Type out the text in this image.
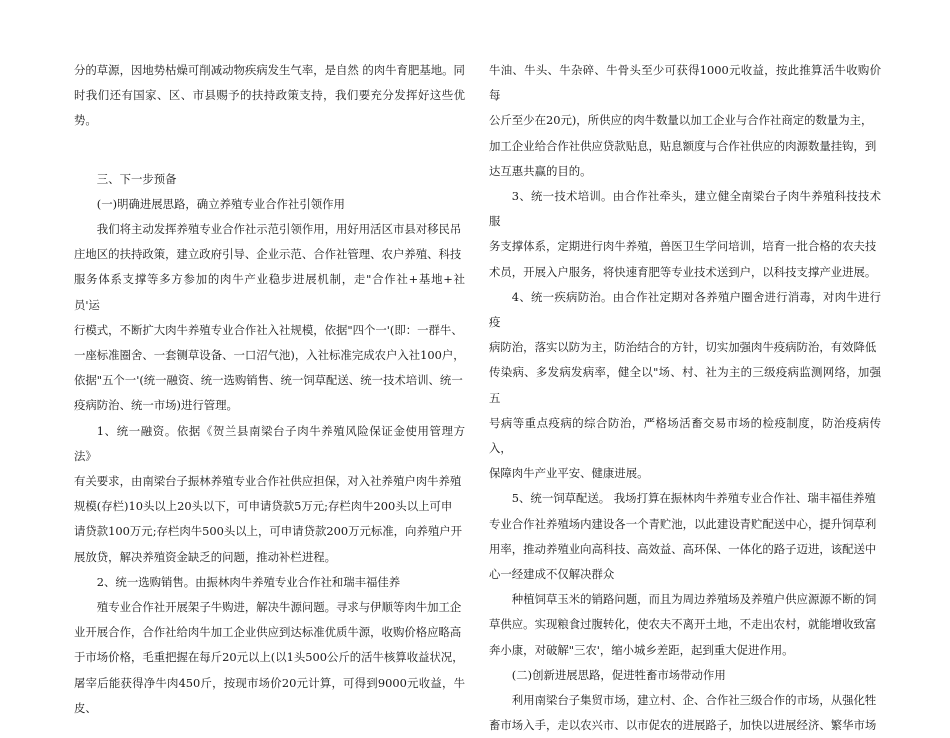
分的草源，因地势枯燥可削减动物疾病发生气率，是自然 的肉牛育肥基地。同
时我们还有国家、区、市县赐予的扶持政策支持，我们要充分发挥好这些优势。

三、下一步预备

(一)明确进展思路，确立养殖专业合作社引领作用

我们将主动发挥养殖专业合作社示范引领作用，用好用活区市县对移民吊
庄地区的扶持政策，建立政府引导、企业示范、合作社管理、农户养殖、科技
服务体系支撑等多方参加的肉牛产业稳步进展机制，走"合作社+基地+社员'运
行模式，不断扩大肉牛养殖专业合作社入社规模，依据"四个一'(即：一群牛、
一座标准圈舍、一套铡草设备、一口沼气池)，入社标准完成农户入社100户，
依据"五个一'(统一融资、统一选购销售、统一饲草配送、统一技术培训、统一
疫病防治、统一市场)进行管理。

1、统一融资。依据《贺兰县南梁台子肉牛养殖风险保证金使用管理方法》
有关要求，由南梁台子振林养殖专业合作社供应担保，对入社养殖户肉牛养殖
规模(存栏)10头以上20头以下，可申请贷款5万元;存栏肉牛200头以上可申
请贷款100万元;存栏肉牛500头以上，可申请贷款200万元标准，向养殖户开
展放贷，解决养殖资金缺乏的问题，推动补栏进程。

2、统一选购销售。由振林肉牛养殖专业合作社和瑞丰福佳养

殖专业合作社开展架子牛购进，解决牛源问题。寻求与伊顺等肉牛加工企
业开展合作，合作社给肉牛加工企业供应到达标准优质牛源，收购价格应略高
于市场价格，毛重把握在每斤20元以上(以1头500公斤的活牛核算收益状况，
屠宰后能获得净牛肉450斤，按现市场价20元计算，可得到9000元收益，牛皮、

牛油、牛头、牛杂碎、牛骨头至少可获得1000元收益，按此推算活牛收购价每
公斤至少在20元)，所供应的肉牛数量以加工企业与合作社商定的数量为主，
加工企业给合作社供应贷款贴息，贴息额度与合作社供应的肉源数量挂钩，到
达互惠共赢的目的。

3、统一技术培训。由合作社牵头，建立健全南梁台子肉牛养殖科技技术服
务支撑体系，定期进行肉牛养殖，兽医卫生学问培训，培育一批合格的农夫技
术员，开展入户服务，将快速育肥等专业技术送到户，以科技支撑产业进展。

4、统一疾病防治。由合作社定期对各养殖户圈舍进行消毒，对肉牛进行疫
病防治，落实以防为主，防治结合的方针，切实加强肉牛疫病防治，有效降低
传染病、多发病发病率，健全以"场、村、社为主的三级疫病监测网络，加强五
号病等重点疫病的综合防治，严格场活畜交易市场的检疫制度，防治疫病传入，
保障肉牛产业平安、健康进展。

5、统一饲草配送。 我场打算在振林肉牛养殖专业合作社、瑞丰福佳养殖
专业合作社养殖场内建设各一个青贮池，以此建设青贮配送中心，提升饲草利
用率，推动养殖业向高科技、高效益、高环保、一体化的路子迈进，该配送中
心一经建成不仅解决群众

种植饲草玉米的销路问题，而且为周边养殖场及养殖户供应源源不断的饲
草供应。实现粮食过腹转化，使农夫不离开土地，不走出农村，就能增收致富
奔小康，对破解"三农'，缩小城乡差距，起到重大促进作用。

(二)创新进展思路，促进牲畜市场带动作用

利用南梁台子集贸市场，建立村、企、合作社三级合作的市场，从强化牲
畜市场入手，走以农兴市、以市促农的进展路子，加快以进展经济、繁华市场
